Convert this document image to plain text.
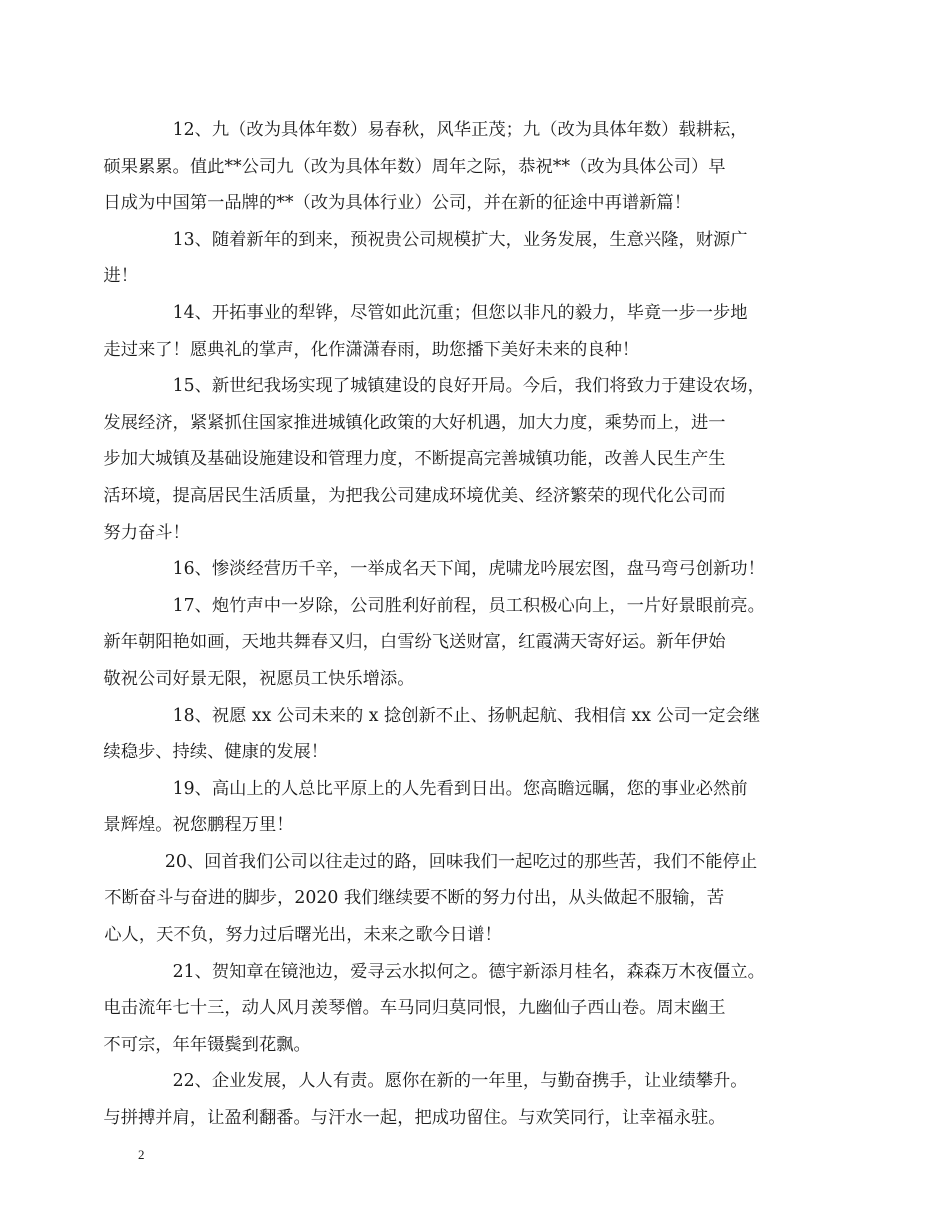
12、九（改为具体年数）易春秋，风华正茂；九（改为具体年数）载耕耘，
硕果累累。值此**公司九（改为具体年数）周年之际，恭祝**（改为具体公司）早
日成为中国第一品牌的**（改为具体行业）公司，并在新的征途中再谱新篇！

13、随着新年的到来，预祝贵公司规模扩大，业务发展，生意兴隆，财源广
进！

14、开拓事业的犁铧，尽管如此沉重；但您以非凡的毅力，毕竟一步一步地
走过来了！愿典礼的掌声，化作潇潇春雨，助您播下美好未来的良种！

15、新世纪我场实现了城镇建设的良好开局。今后，我们将致力于建设农场，
发展经济，紧紧抓住国家推进城镇化政策的大好机遇，加大力度，乘势而上，进一
步加大城镇及基础设施建设和管理力度，不断提高完善城镇功能，改善人民生产生
活环境，提高居民生活质量，为把我公司建成环境优美、经济繁荣的现代化公司而
努力奋斗！

16、惨淡经营历千辛，一举成名天下闻，虎啸龙吟展宏图，盘马弯弓创新功！

17、炮竹声中一岁除，公司胜利好前程，员工积极心向上，一片好景眼前亮。
新年朝阳艳如画，天地共舞春又归，白雪纷飞送财富，红霞满天寄好运。新年伊始
敬祝公司好景无限，祝愿员工快乐增添。

18、祝愿 xx 公司未来的 x 捻创新不止、扬帆起航、我相信 xx 公司一定会继
续稳步、持续、健康的发展！

19、高山上的人总比平原上的人先看到日出。您高瞻远瞩，您的事业必然前
景辉煌。祝您鹏程万里！

20、回首我们公司以往走过的路，回味我们一起吃过的那些苦，我们不能停止
不断奋斗与奋进的脚步，2020 我们继续要不断的努力付出，从头做起不服输，苦
心人，天不负，努力过后曙光出，未来之歌今日谱！

21、贺知章在镜池边，爱寻云水拟何之。德宇新添月桂名，森森万木夜僵立。
电击流年七十三，动人风月羡琴僧。车马同归莫同恨，九幽仙子西山卷。周末幽王
不可宗，年年镊鬓到花飘。

22、企业发展，人人有责。愿你在新的一年里，与勤奋携手，让业绩攀升。
与拼搏并肩，让盈利翻番。与汗水一起，把成功留住。与欢笑同行，让幸福永驻。

2
